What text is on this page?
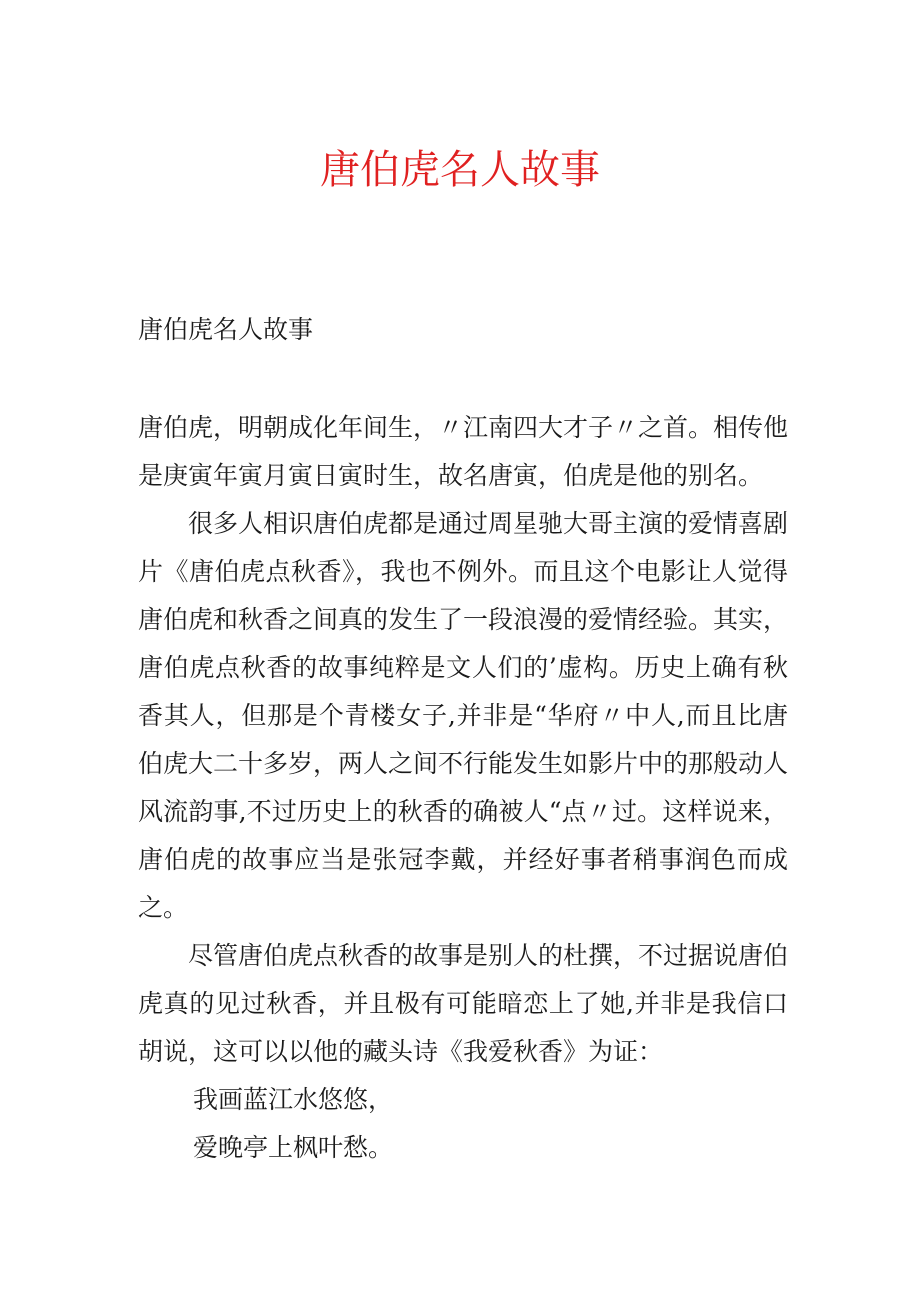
唐伯虎名人故事
唐伯虎名人故事

唐伯虎，明朝成化年间生，〃江南四大才子〃之首。相传他是庚寅年寅月寅日寅时生，故名唐寅，伯虎是他的别名。

很多人相识唐伯虎都是通过周星驰大哥主演的爱情喜剧片《唐伯虎点秋香》，我也不例外。而且这个电影让人觉得唐伯虎和秋香之间真的发生了一段浪漫的爱情经验。其实，唐伯虎点秋香的故事纯粹是文人们的’虚构。历史上确有秋香其人，但那是个青楼女子,并非是“华府〃中人,而且比唐伯虎大二十多岁，两人之间不行能发生如影片中的那般动人风流韵事,不过历史上的秋香的确被人“点〃过。这样说来，唐伯虎的故事应当是张冠李戴，并经好事者稍事润色而成之。

尽管唐伯虎点秋香的故事是别人的杜撰，不过据说唐伯虎真的见过秋香，并且极有可能暗恋上了她,并非是我信口胡说，这可以以他的藏头诗《我爱秋香》为证：

我画蓝江水悠悠，

爱晚亭上枫叶愁。
